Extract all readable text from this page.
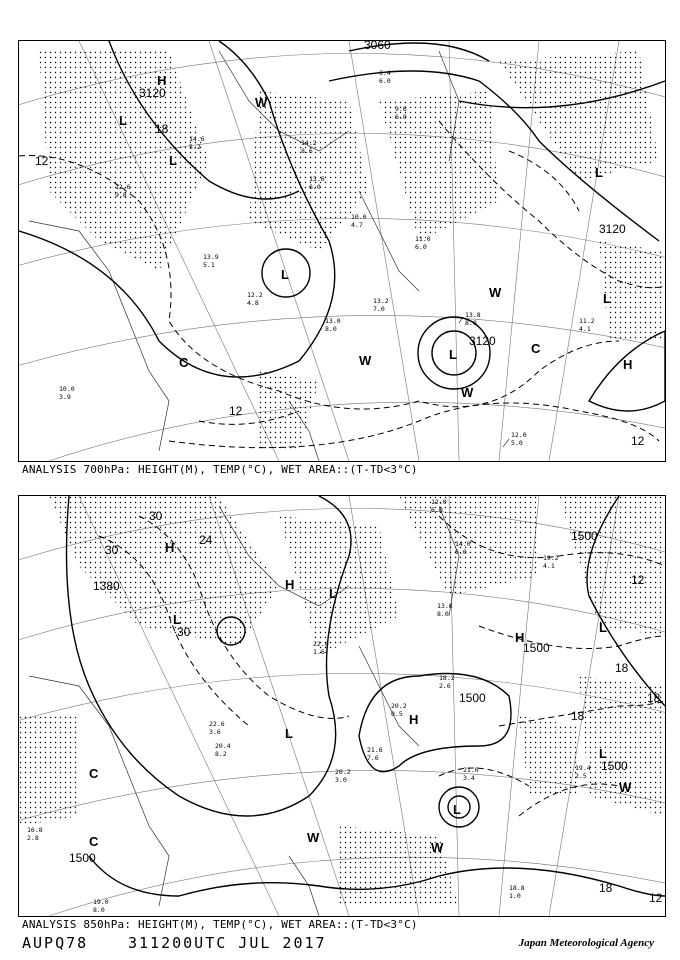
3060
3120
3120
3120
12
18
12
12
H
L
L
L
L
L
L
H
C
C
W
W
W
W
13.8
8.0
12.0
5.0
11.2
4.1
13.2
7.0
13.0
8.0
10.0
3.9
12.6
9.8
14.6
5.2
13.6
6.0
11.0
6.0
9.6
6.0
6.4
6.0
14.2
8.6
12.2
4.8
13.9
5.1
10.0
4.7
ANALYSIS 700hPa: HEIGHT(M), TEMP(°C), WET AREA::(T-TD<3°C)
1380
1500
1500
1500
1500
1500
30
24
30
30
12
18
18
18
18
12
H
H
H
H
L
L
L
L
L
L
C
C
W
W
W
21.0
3.4
18.8
1.0
19.0
8.0
21.6
7.6
20.2
0.5
19.4
2.5
18.2
2.6
22.6
3.6
14.0
6.0
13.6
8.0
20.2
3.0
16.8
2.8
22.0
1.6
20.4
8.2
12.0
6.0
19.2
4.1
ANALYSIS 850hPa: HEIGHT(M), TEMP(°C), WET AREA::(T-TD<3°C)
AUPQ78	311200UTC JUL 2017	Japan Meteorological Agency
